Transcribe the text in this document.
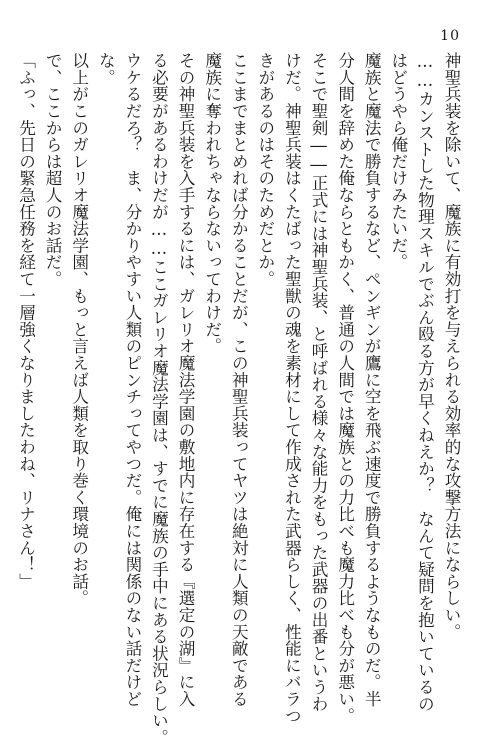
10
神聖兵装を除いて、魔族に有効打を与えられる効率的な攻撃方法にならしい。
……カンストした物理スキルでぶん殴る方が早くねえか？　なんて疑問を抱いているの
はどうやら俺だけみたいだ。
魔族と魔法で勝負するなど、ペンギンが鷹に空を飛ぶ速度で勝負するようなものだ。半
分人間を辞めた俺ならともかく、普通の人間では魔族との力比べも魔力比べも分が悪い。
そこで聖剣――正式には神聖兵装、と呼ばれる様々な能力をもった武器の出番というわ
けだ。神聖兵装はくたばった聖獣の魂を素材にして作成された武器らしく、性能にバラつ
きがあるのはそのためだとか。
ここまでまとめれば分かることだが、この神聖兵装ってヤツは絶対に人類の天敵である
魔族に奪われちゃならないってわけだ。
その神聖兵装を入手するには、ガレリオ魔法学園の敷地内に存在する『選定の湖』に入
る必要があるわけだが……ここガレリオ魔法学園は、すでに魔族の手中にある状況らしい。
ウケるだろ？　ま、分かりやすい人類のピンチってやつだ。俺には関係のない話だけど
な。
以上がこのガレリオ魔法学園、もっと言えば人類を取り巻く環境のお話。
で、ここからは超人のお話だ。
「ふっ、先日の緊急任務を経て一層強くなりましたわね、リナさん！」
